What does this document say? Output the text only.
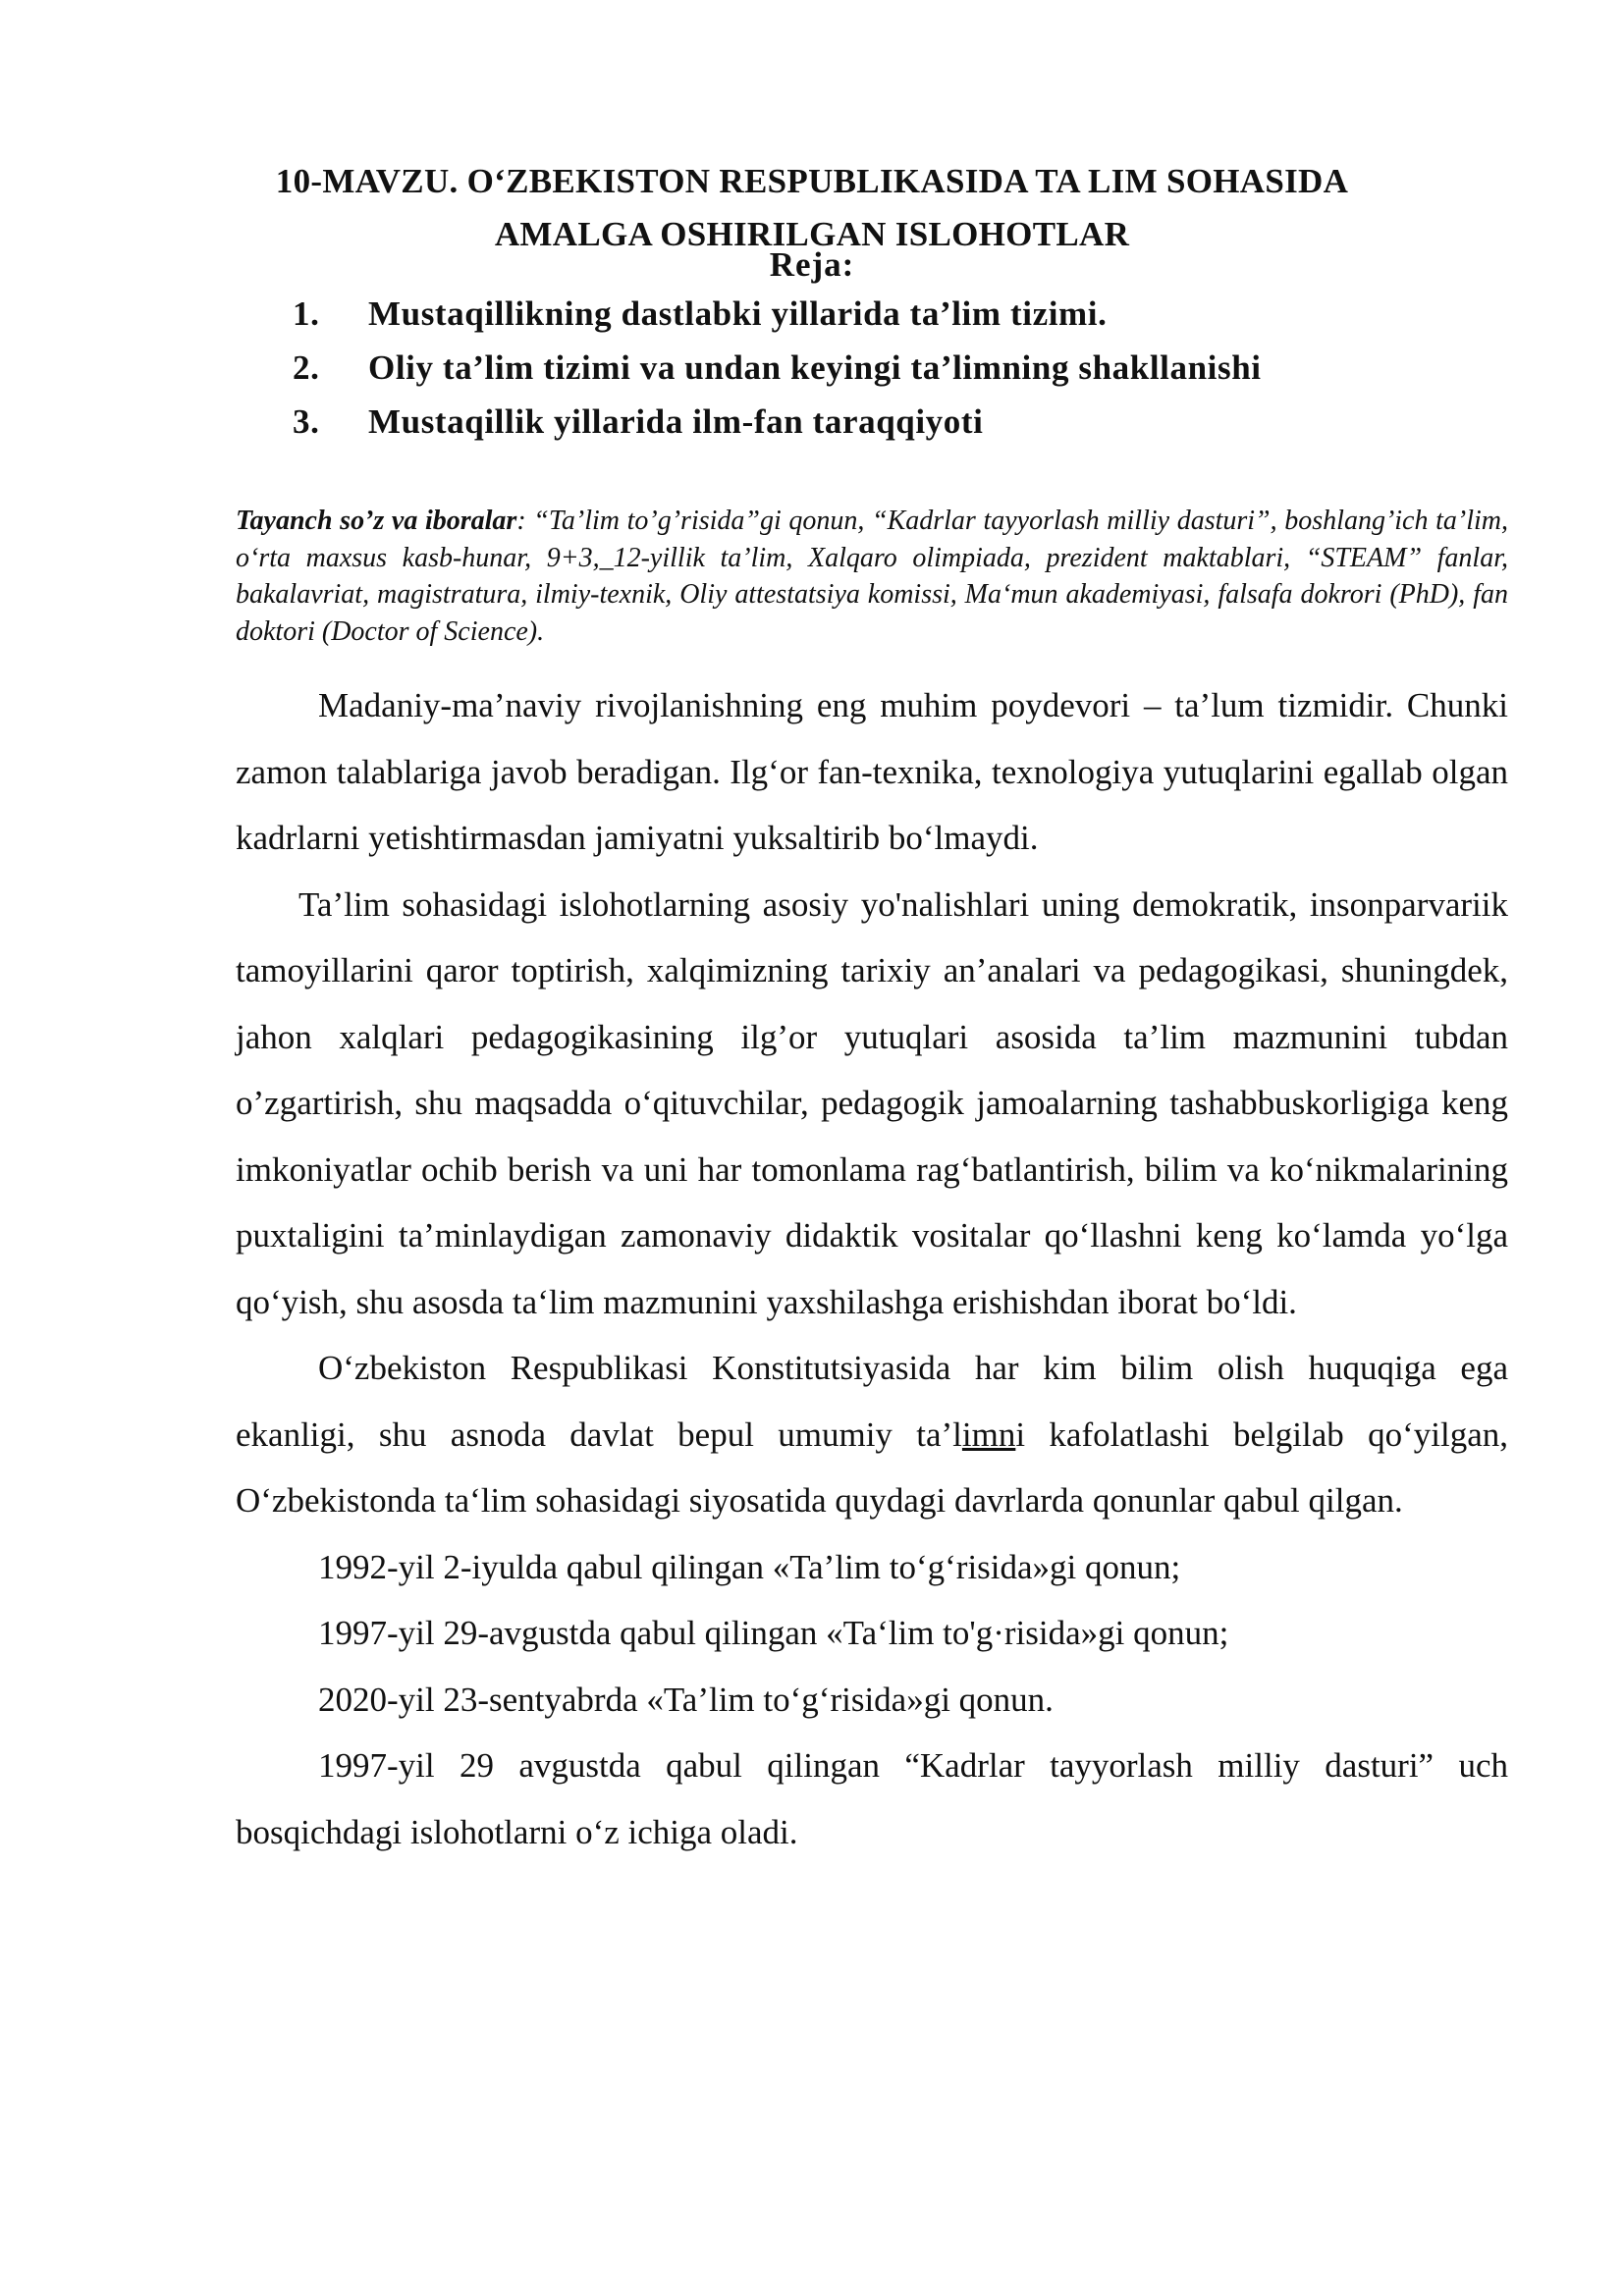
10-MAVZU. O‘ZBEKISTON RESPUBLIKASIDA TA LIM SOHASIDA
AMALGA OSHIRILGAN ISLOHOTLAR
Reja:
1. Mustaqillikning dastlabki yillarida ta’lim tizimi.
2. Oliy ta’lim tizimi va undan keyingi ta’limning shakllanishi
3. Mustaqillik yillarida ilm-fan taraqqiyoti
Tayanch so’z va iboralar: “Ta’lim to’g’risida”gi qonun, “Kadrlar tayyorlash milliy dasturi”, boshlang’ich ta’lim, o‘rta maxsus kasb-hunar, 9+3,_12-yillik ta’lim, Xalqaro olimpiada, prezident maktablari, “STEAM” fanlar, bakalavriat, magistratura, ilmiy-texnik, Oliy attestatsiya komissi, Ma‘mun akademiyasi, falsafa dokrori (PhD), fan doktori (Doctor of Science).

Madaniy-ma’naviy rivojlanishning eng muhim poydevori – ta’lum tizmidir. Chunki zamon talablariga javob beradigan. Ilg‘or fan-texnika, texnologiya yutuqlarini egallab olgan kadrlarni yetishtirmasdan jamiyatni yuksaltirib bo‘lmaydi.

Ta’lim sohasidagi islohotlarning asosiy yo'nalishlari uning demokratik, insonparvariik tamoyillarini qaror toptirish, xalqimizning tarixiy an’analari va pedagogikasi, shuningdek, jahon xalqlari pedagogikasining ilg’or yutuqlari asosida ta’lim mazmunini tubdan o’zgartirish, shu maqsadda o‘qituvchilar, pedagogik jamoalarning tashabbuskorligiga keng imkoniyatlar ochib berish va uni har tomonlama rag‘batlantirish, bilim va ko‘nikmalarining puxtaligini ta’minlaydigan zamonaviy didaktik vositalar qo‘llashni keng ko‘lamda yo‘lga qo‘yish, shu asosda ta‘lim mazmunini yaxshilashga erishishdan iborat bo‘ldi.

O‘zbekiston Respublikasi Konstitutsiyasida har kim bilim olish huquqiga ega ekanligi, shu asnoda davlat bepul umumiy ta’limni kafolatlashi belgilab qo‘yilgan, O‘zbekistonda ta‘lim sohasidagi siyosatida quydagi davrlarda qonunlar qabul qilgan.

1992-yil 2-iyulda qabul qilingan «Ta’lim to‘g‘risida»gi qonun;

1997-yil 29-avgustda qabul qilingan «Ta‘lim to'g·risida»gi qonun;

2020-yil 23-sentyabrda «Ta’lim to‘g‘risida»gi qonun.

1997-yil 29 avgustda qabul qilingan “Kadrlar tayyorlash milliy dasturi” uch bosqichdagi islohotlarni o‘z ichiga oladi.
